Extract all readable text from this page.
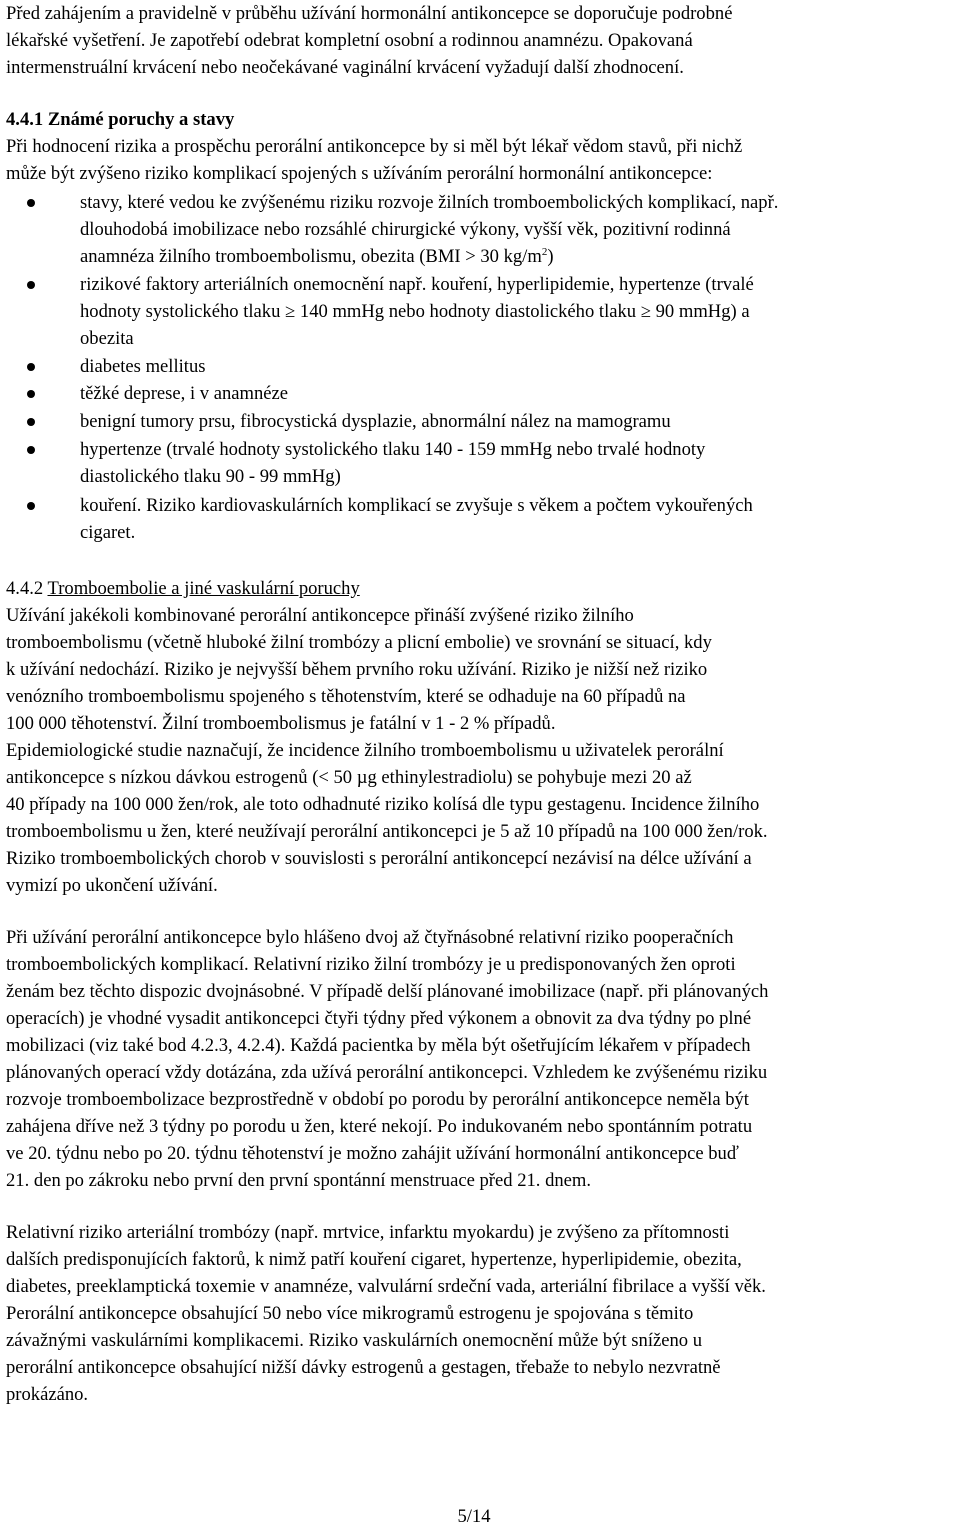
Před zahájením a pravidelně v průběhu užívání hormonální antikoncepce se doporučuje podrobné
lékařské vyšetření. Je zapotřebí odebrat kompletní osobní a rodinnou anamnézu. Opakovaná
intermenstruální krvácení nebo neočekávané vaginální krvácení vyžadují další zhodnocení.
4.4.1 Známé poruchy a stavy
Při hodnocení rizika a prospěchu perorální antikoncepce by si měl být lékař vědom stavů, při nichž
může být zvýšeno riziko komplikací spojených s užíváním perorální hormonální antikoncepce:
stavy, které vedou ke zvýšenému riziku rozvoje žilních tromboembolických komplikací, např.
dlouhodobá imobilizace nebo rozsáhlé chirurgické výkony, vyšší věk, pozitivní rodinná
anamnéza žilního tromboembolismu, obezita (BMI > 30 $kg/m^2$)
rizikové faktory arteriálních onemocnění např. kouření, hyperlipidemie, hypertenze (trvalé
hodnoty systolického tlaku ≥ 140 mmHg nebo hodnoty diastolického tlaku ≥ 90 mmHg) a
obezita
diabetes mellitus
těžké deprese, i v anamnéze
benigní tumory prsu, fibrocystická dysplazie, abnormální nález na mamogramu
hypertenze (trvalé hodnoty systolického tlaku 140 - 159 mmHg nebo trvalé hodnoty
diastolického tlaku 90 - 99 mmHg)
kouření. Riziko kardiovaskulárních komplikací se zvyšuje s věkem a počtem vykouřených
cigaret.
4.4.2 Tromboembolie a jiné vaskulární poruchy
Užívání jakékoli kombinované perorální antikoncepce přináší zvýšené riziko žilního
tromboembolismu (včetně hluboké žilní trombózy a plicní embolie) ve srovnání se situací, kdy
k užívání nedochází. Riziko je nejvyšší během prvního roku užívání. Riziko je nižší než riziko
venózního tromboembolismu spojeného s těhotenstvím, které se odhaduje na 60 případů na
100 000 těhotenství. Žilní tromboembolismus je fatální v 1 - 2 % případů.
Epidemiologické studie naznačují, že incidence žilního tromboembolismu u uživatelek perorální
antikoncepce s nízkou dávkou estrogenů (< 50 µg ethinylestradiolu) se pohybuje mezi 20 až
40 případy na 100 000 žen/rok, ale toto odhadnuté riziko kolísá dle typu gestagenu. Incidence žilního
tromboembolismu u žen, které neužívají perorální antikoncepci je 5 až 10 případů na 100 000 žen/rok.
Riziko tromboembolických chorob v souvislosti s perorální antikoncepcí nezávisí na délce užívání a
vymizí po ukončení užívání.
Při užívání perorální antikoncepce bylo hlášeno dvoj až čtyřnásobné relativní riziko pooperačních
tromboembolických komplikací. Relativní riziko žilní trombózy je u predisponovaných žen oproti
ženám bez těchto dispozic dvojnásobné. V případě delší plánované imobilizace (např. při plánovaných
operacích) je vhodné vysadit antikoncepci čtyři týdny před výkonem a obnovit za dva týdny po plné
mobilizaci (viz také bod 4.2.3, 4.2.4). Každá pacientka by měla být ošetřujícím lékařem v případech
plánovaných operací vždy dotázána, zda užívá perorální antikoncepci. Vzhledem ke zvýšenému riziku
rozvoje tromboembolizace bezprostředně v období po porodu by perorální antikoncepce neměla být
zahájena dříve než 3 týdny po porodu u žen, které nekojí. Po indukovaném nebo spontánním potratu
ve 20. týdnu nebo po 20. týdnu těhotenství je možno zahájit užívání hormonální antikoncepce buď
21. den po zákroku nebo první den první spontánní menstruace před 21. dnem.
Relativní riziko arteriální trombózy (např. mrtvice, infarktu myokardu) je zvýšeno za přítomnosti
dalších predisponujících faktorů, k nimž patří kouření cigaret, hypertenze, hyperlipidemie, obezita,
diabetes, preeklamptická toxemie v anamnéze, valvulární srdeční vada, arteriální fibrilace a vyšší věk.
Perorální antikoncepce obsahující 50 nebo více mikrogramů estrogenu je spojována s těmito
závažnými vaskulárními komplikacemi. Riziko vaskulárních onemocnění může být sníženo u
perorální antikoncepce obsahující nižší dávky estrogenů a gestagen, třebaže to nebylo nezvratně
prokázáno.
5/14
